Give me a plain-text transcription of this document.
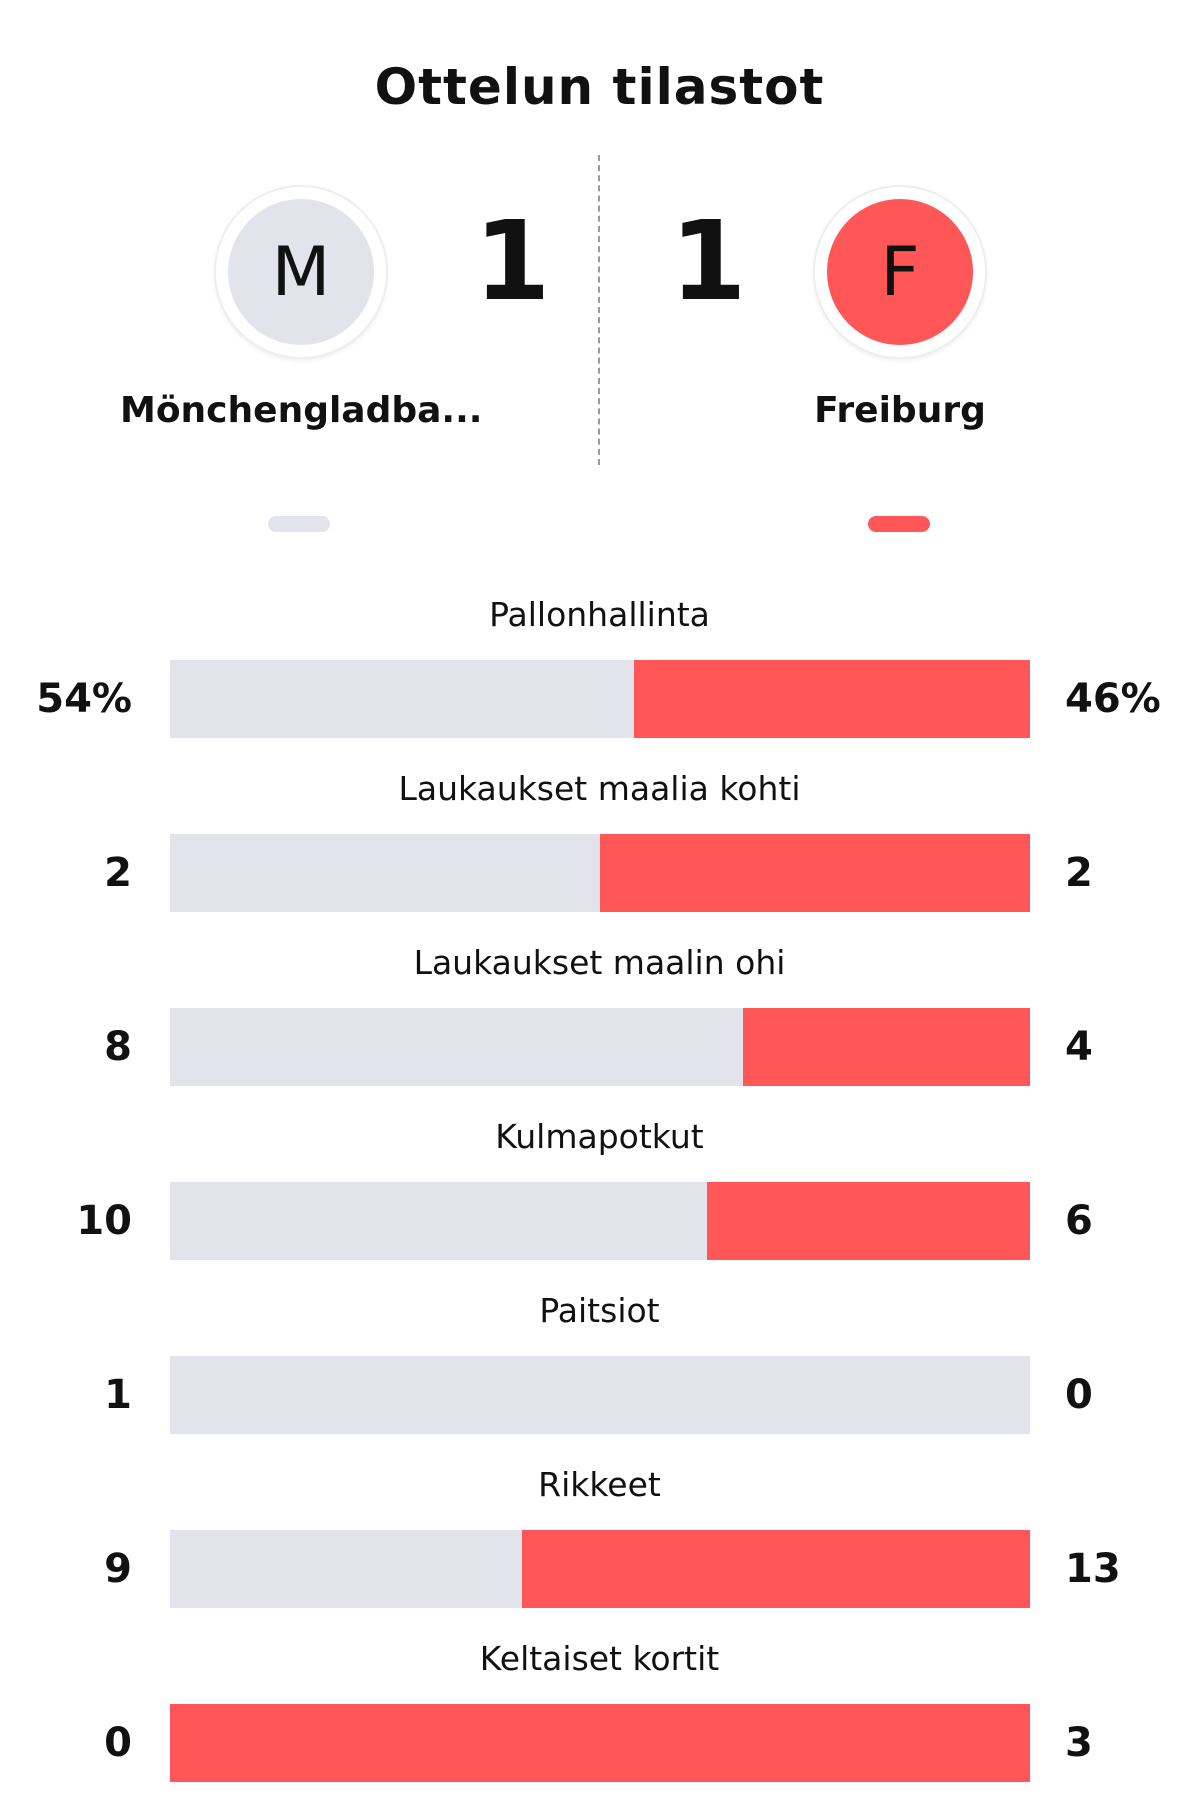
Ottelun tilastot
M	1 1	F
Mönchengladba...	Freiburg
Pallonhallinta
54%	46%
Laukaukset maalia kohti
2	2
Laukaukset maalin ohi
8	4
Kulmapotkut
10	6
Paitsiot
1	0
Rikkeet
9	13
Keltaiset kortit
0	3
